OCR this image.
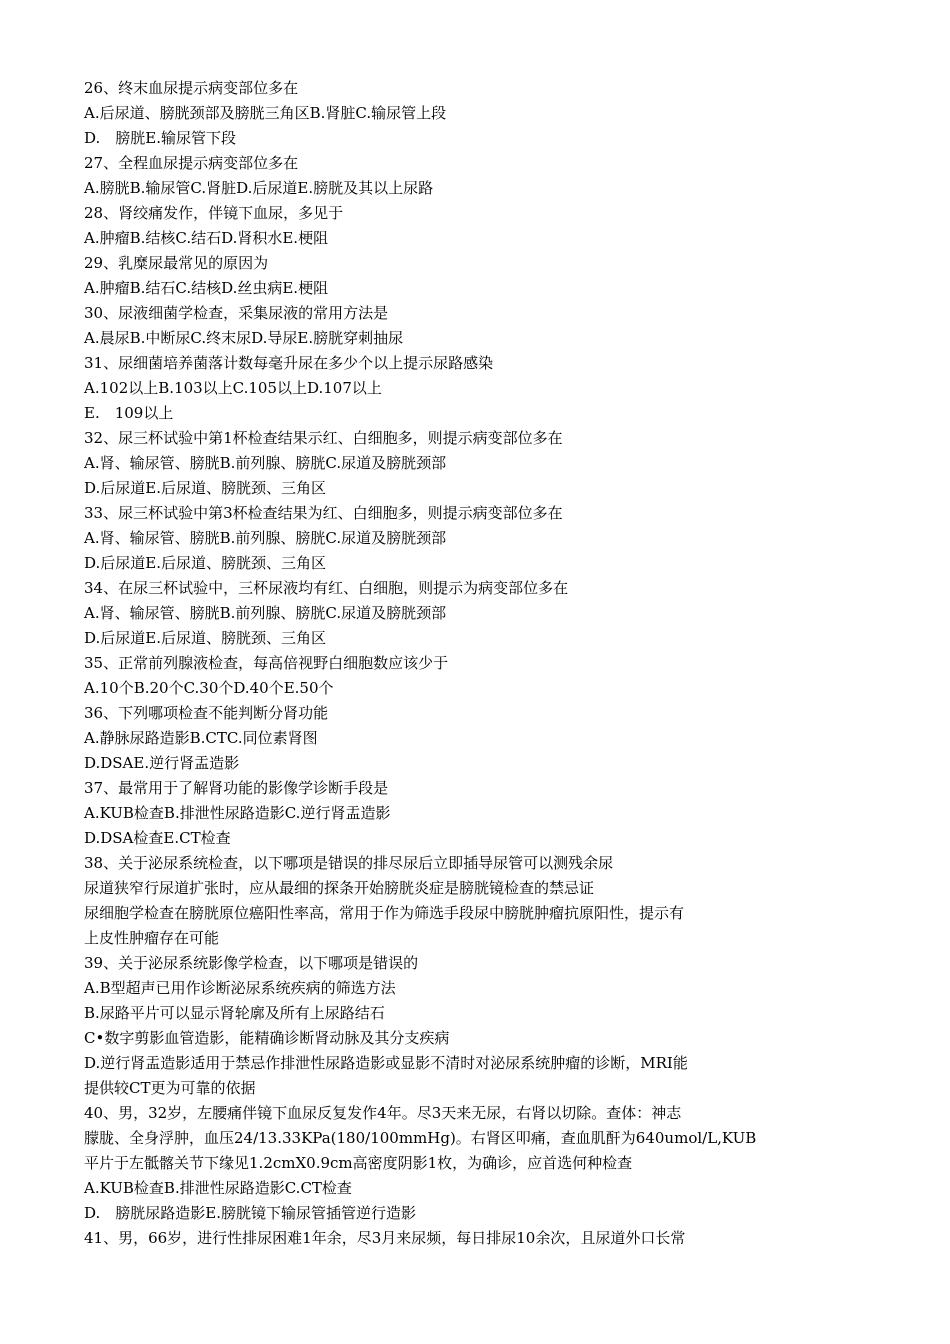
26、终末血尿提示病变部位多在
A.后尿道、膀胱颈部及膀胱三角区B.肾脏C.输尿管上段
D.　膀胱E.输尿管下段
27、全程血尿提示病变部位多在
A.膀胱B.输尿管C.肾脏D.后尿道E.膀胱及其以上尿路
28、肾绞痛发作，伴镜下血尿，多见于
A.肿瘤B.结核C.结石D.肾积水E.梗阻
29、乳糜尿最常见的原因为
A.肿瘤B.结石C.结核D.丝虫病E.梗阻
30、尿液细菌学检查，采集尿液的常用方法是
A.晨尿B.中断尿C.终末尿D.导尿E.膀胱穿刺抽尿
31、尿细菌培养菌落计数每毫升尿在多少个以上提示尿路感染
A.102以上B.103以上C.105以上D.107以上
E.　109以上
32、尿三杯试验中第1杯检查结果示红、白细胞多，则提示病变部位多在
A.肾、输尿管、膀胱B.前列腺、膀胱C.尿道及膀胱颈部
D.后尿道E.后尿道、膀胱颈、三角区
33、尿三杯试验中第3杯检查结果为红、白细胞多，则提示病变部位多在
A.肾、输尿管、膀胱B.前列腺、膀胱C.尿道及膀胱颈部
D.后尿道E.后尿道、膀胱颈、三角区
34、在尿三杯试验中，三杯尿液均有红、白细胞，则提示为病变部位多在
A.肾、输尿管、膀胱B.前列腺、膀胱C.尿道及膀胱颈部
D.后尿道E.后尿道、膀胱颈、三角区
35、正常前列腺液检查，每高倍视野白细胞数应该少于
A.10个B.20个C.30个D.40个E.50个
36、下列哪项检查不能判断分肾功能
A.静脉尿路造影B.CTC.同位素肾图
D.DSAE.逆行肾盂造影
37、最常用于了解肾功能的影像学诊断手段是
A.KUB检查B.排泄性尿路造影C.逆行肾盂造影
D.DSA检查E.CT检查
38、关于泌尿系统检查，以下哪项是错误的排尽尿后立即插导尿管可以测残余尿
尿道狭窄行尿道扩张时，应从最细的探条开始膀胱炎症是膀胱镜检查的禁忌证
尿细胞学检查在膀胱原位癌阳性率高，常用于作为筛选手段尿中膀胱肿瘤抗原阳性，提示有
上皮性肿瘤存在可能
39、关于泌尿系统影像学检查，以下哪项是错误的
A.B型超声已用作诊断泌尿系统疾病的筛选方法
B.尿路平片可以显示肾轮廓及所有上尿路结石
C•数字剪影血管造影，能精确诊断肾动脉及其分支疾病
D.逆行肾盂造影适用于禁忌作排泄性尿路造影或显影不清时对泌尿系统肿瘤的诊断，MRI能
提供较CT更为可靠的依据
40、男，32岁，左腰痛伴镜下血尿反复发作4年。尽3天来无尿，右肾以切除。查体：神志
朦胧、全身浮肿，血压24/13.33KPa(180/100mmHg)。右肾区叩痛，查血肌酐为640umol/L,KUB
平片于左骶髂关节下缘见1.2cmX0.9cm高密度阴影1枚，为确诊，应首选何种检查
A.KUB检查B.排泄性尿路造影C.CT检查
D.　膀胱尿路造影E.膀胱镜下输尿管插管逆行造影
41、男，66岁，进行性排尿困难1年余，尽3月来尿频，每日排尿10余次，且尿道外口长常
